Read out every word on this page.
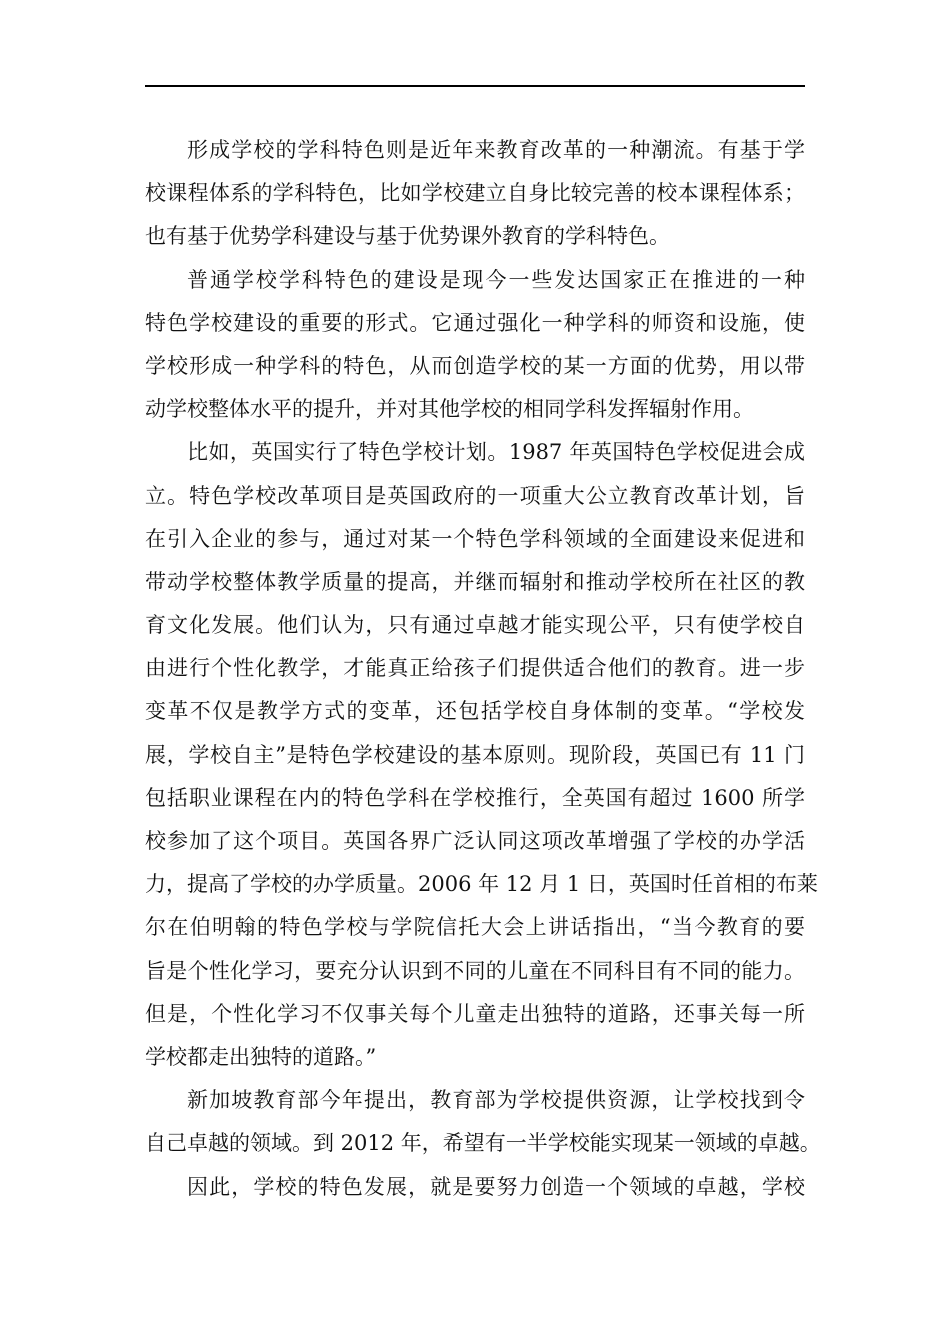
形成学校的学科特色则是近年来教育改革的一种潮流。有基于学
校课程体系的学科特色，比如学校建立自身比较完善的校本课程体系；
也有基于优势学科建设与基于优势课外教育的学科特色。
普通学校学科特色的建设是现今一些发达国家正在推进的一种
特色学校建设的重要的形式。它通过强化一种学科的师资和设施，使
学校形成一种学科的特色，从而创造学校的某一方面的优势，用以带
动学校整体水平的提升，并对其他学校的相同学科发挥辐射作用。
比如，英国实行了特色学校计划。1987 年英国特色学校促进会成
立。特色学校改革项目是英国政府的一项重大公立教育改革计划，旨
在引入企业的参与，通过对某一个特色学科领域的全面建设来促进和
带动学校整体教学质量的提高，并继而辐射和推动学校所在社区的教
育文化发展。他们认为，只有通过卓越才能实现公平，只有使学校自
由进行个性化教学，才能真正给孩子们提供适合他们的教育。进一步
变革不仅是教学方式的变革，还包括学校自身体制的变革。“学校发
展，学校自主”是特色学校建设的基本原则。现阶段，英国已有 11 门
包括职业课程在内的特色学科在学校推行，全英国有超过 1600 所学
校参加了这个项目。英国各界广泛认同这项改革增强了学校的办学活
力，提高了学校的办学质量。2006 年 12 月 1 日，英国时任首相的布莱
尔在伯明翰的特色学校与学院信托大会上讲话指出，“当今教育的要
旨是个性化学习，要充分认识到不同的儿童在不同科目有不同的能力。
但是，个性化学习不仅事关每个儿童走出独特的道路，还事关每一所
学校都走出独特的道路。”
新加坡教育部今年提出，教育部为学校提供资源，让学校找到令
自己卓越的领域。到 2012 年，希望有一半学校能实现某一领域的卓越。
因此，学校的特色发展，就是要努力创造一个领域的卓越，学校
